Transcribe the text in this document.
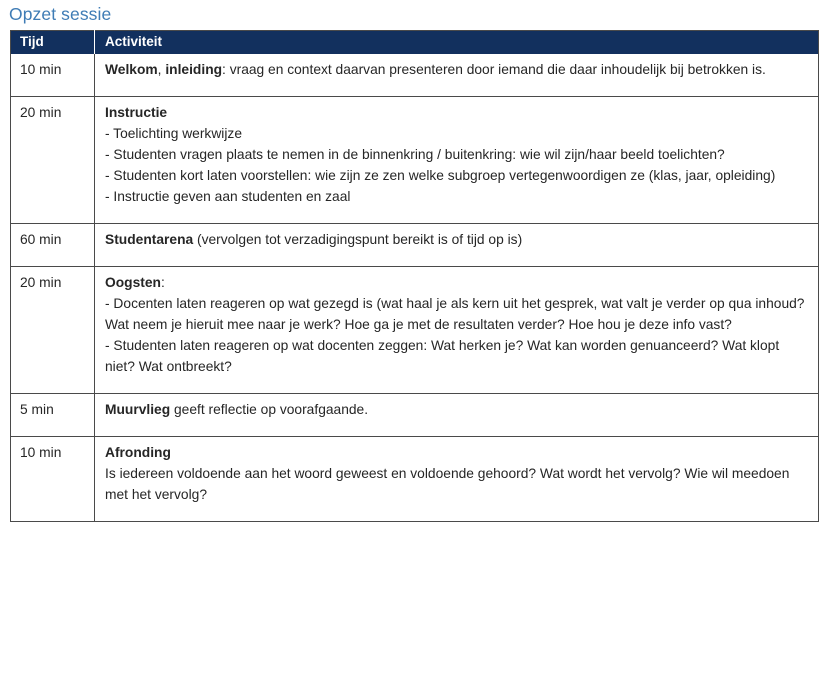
Opzet sessie
Tijd	Activiteit
10 min	Welkom, inleiding: vraag en context daarvan presenteren door iemand die daar inhoudelijk bij betrokken is.

20 min	Instructie
- Toelichting werkwijze
- Studenten vragen plaats te nemen in de binnenkring / buitenkring: wie wil zijn/haar beeld toelichten?
- Studenten kort laten voorstellen: wie zijn ze zen welke subgroep vertegenwoordigen ze (klas, jaar, opleiding)
- Instructie geven aan studenten en zaal

60 min	Studentarena (vervolgen tot verzadigingspunt bereikt is of tijd op is)

20 min	Oogsten:
- Docenten laten reageren op wat gezegd is (wat haal je als kern uit het gesprek, wat valt je verder op qua inhoud? Wat neem je hieruit mee naar je werk? Hoe ga je met de resultaten verder? Hoe hou je deze info vast?
- Studenten laten reageren op wat docenten zeggen: Wat herken je? Wat kan worden genuanceerd? Wat klopt niet? Wat ontbreekt?

5 min	Muurvlieg geeft reflectie op voorafgaande.

10 min	Afronding
Is iedereen voldoende aan het woord geweest en voldoende gehoord? Wat wordt het vervolg? Wie wil meedoen met het vervolg?
